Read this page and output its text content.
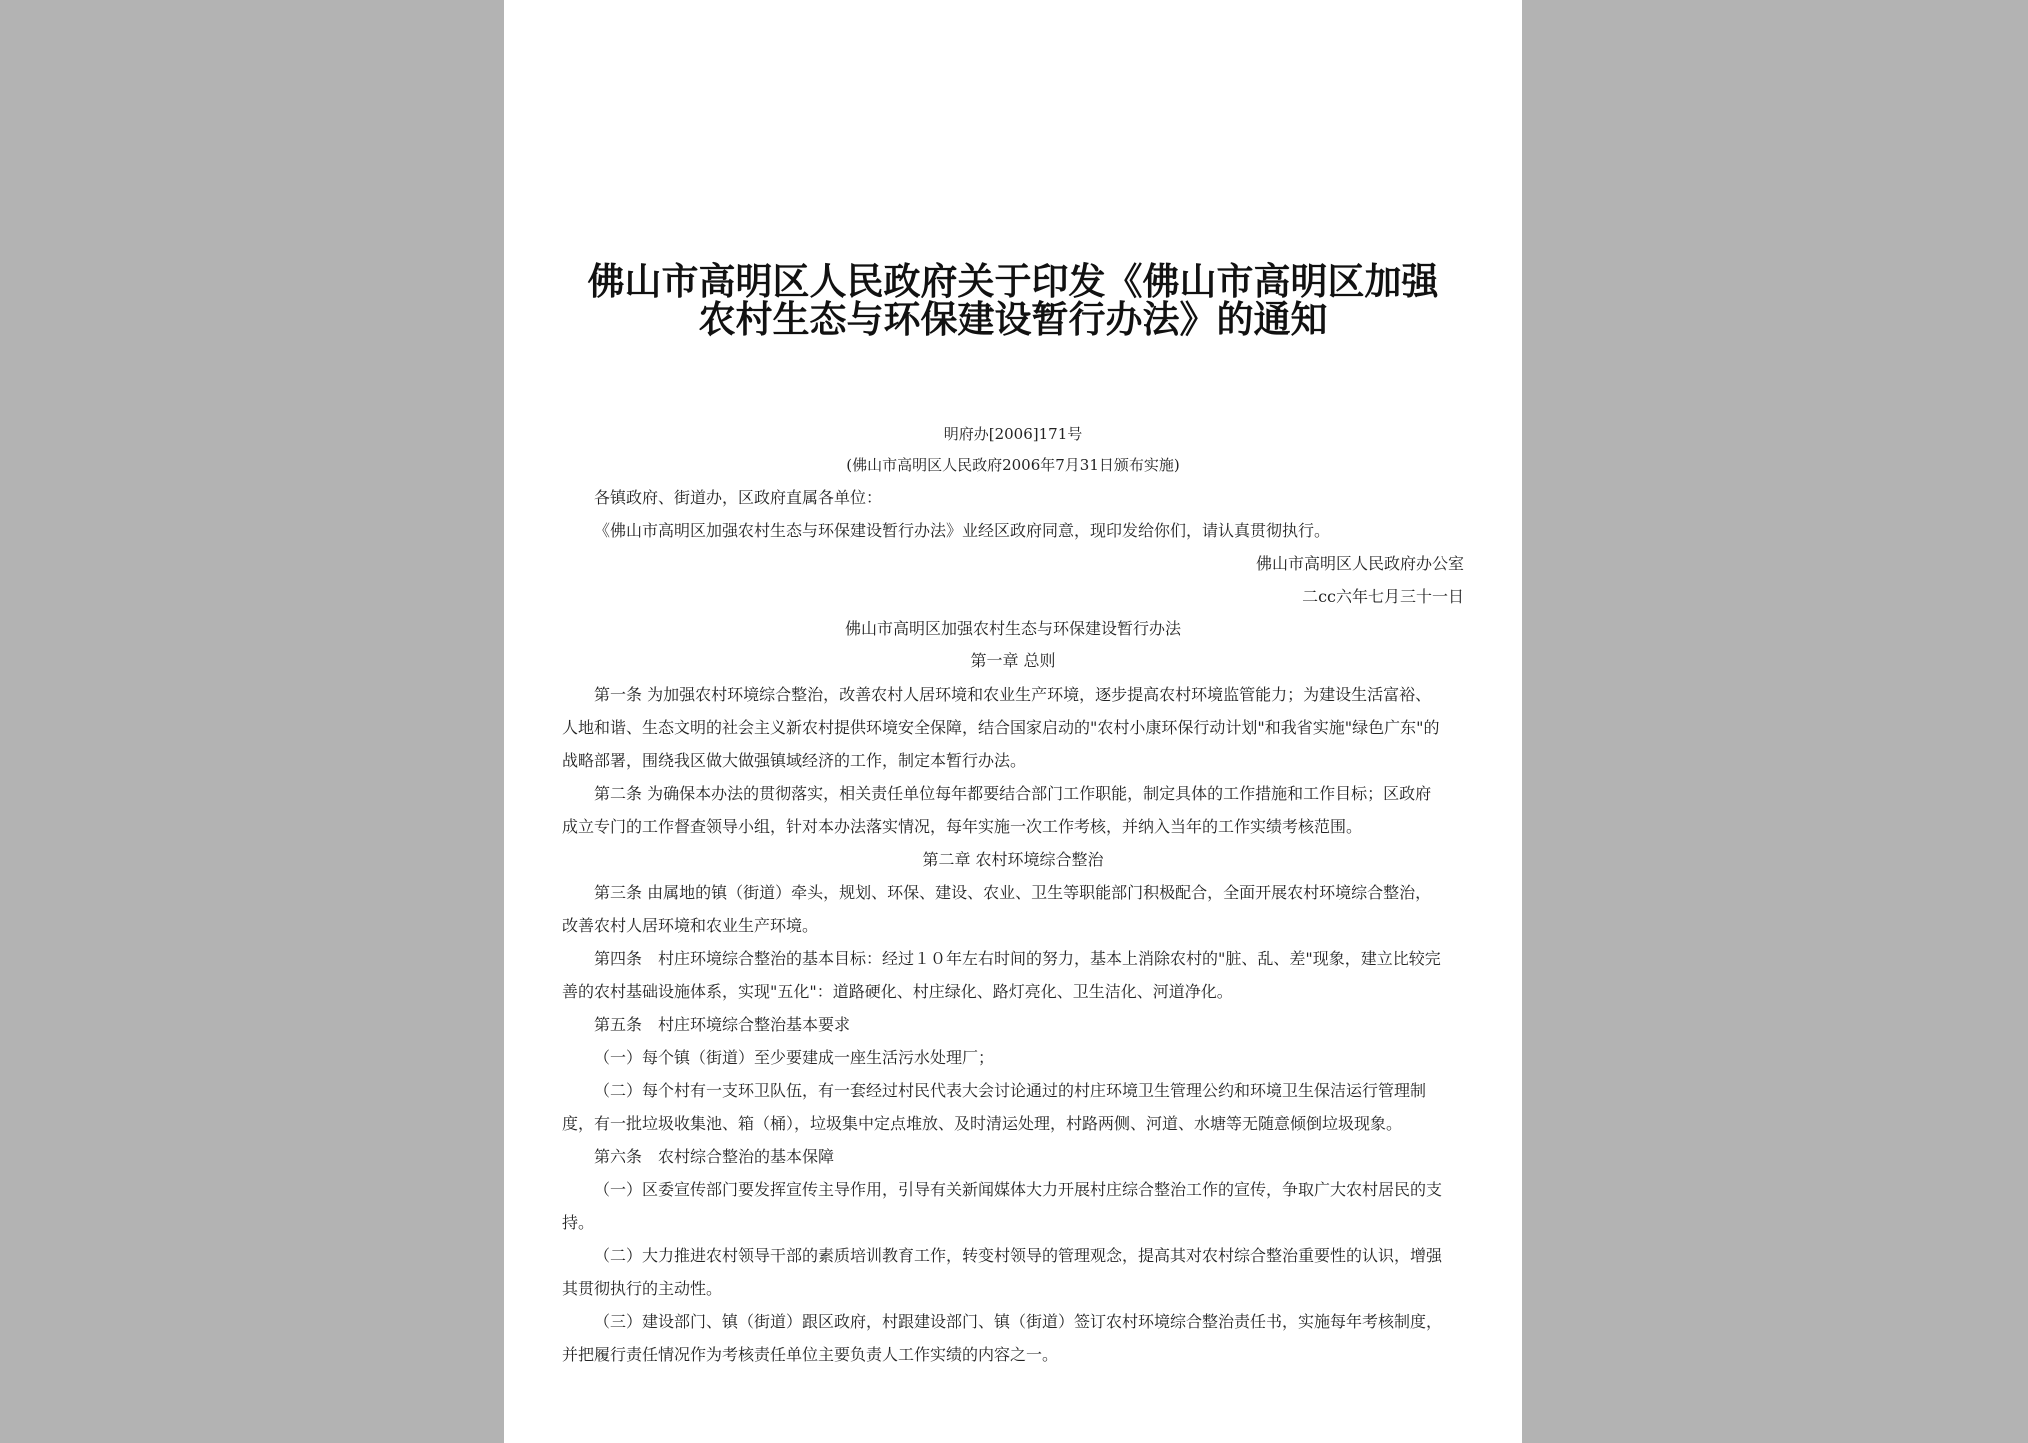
佛山市高明区人民政府关于印发《佛山市高明区加强
农村生态与环保建设暂行办法》的通知
明府办[2006]171号
(佛山市高明区人民政府2006年7月31日颁布实施)
各镇政府、街道办，区政府直属各单位：
《佛山市高明区加强农村生态与环保建设暂行办法》业经区政府同意，现印发给你们，请认真贯彻执行。
佛山市高明区人民政府办公室
二cc六年七月三十一日
佛山市高明区加强农村生态与环保建设暂行办法
第一章 总则
第一条 为加强农村环境综合整治，改善农村人居环境和农业生产环境，逐步提高农村环境监管能力；为建设生活富裕、
人地和谐、生态文明的社会主义新农村提供环境安全保障，结合国家启动的"农村小康环保行动计划"和我省实施"绿色广东"的
战略部署，围绕我区做大做强镇域经济的工作，制定本暂行办法。
第二条 为确保本办法的贯彻落实，相关责任单位每年都要结合部门工作职能，制定具体的工作措施和工作目标；区政府
成立专门的工作督查领导小组，针对本办法落实情况，每年实施一次工作考核，并纳入当年的工作实绩考核范围。
第二章 农村环境综合整治
第三条 由属地的镇（街道）牵头，规划、环保、建设、农业、卫生等职能部门积极配合，全面开展农村环境综合整治，
改善农村人居环境和农业生产环境。
第四条　村庄环境综合整治的基本目标：经过１０年左右时间的努力，基本上消除农村的"脏、乱、差"现象，建立比较完
善的农村基础设施体系，实现"五化"：道路硬化、村庄绿化、路灯亮化、卫生洁化、河道净化。
第五条　村庄环境综合整治基本要求
（一）每个镇（街道）至少要建成一座生活污水处理厂；
（二）每个村有一支环卫队伍，有一套经过村民代表大会讨论通过的村庄环境卫生管理公约和环境卫生保洁运行管理制
度，有一批垃圾收集池、箱（桶），垃圾集中定点堆放、及时清运处理，村路两侧、河道、水塘等无随意倾倒垃圾现象。
第六条　农村综合整治的基本保障
（一）区委宣传部门要发挥宣传主导作用，引导有关新闻媒体大力开展村庄综合整治工作的宣传，争取广大农村居民的支
持。
（二）大力推进农村领导干部的素质培训教育工作，转变村领导的管理观念，提高其对农村综合整治重要性的认识，增强
其贯彻执行的主动性。
（三）建设部门、镇（街道）跟区政府，村跟建设部门、镇（街道）签订农村环境综合整治责任书，实施每年考核制度，
并把履行责任情况作为考核责任单位主要负责人工作实绩的内容之一。
